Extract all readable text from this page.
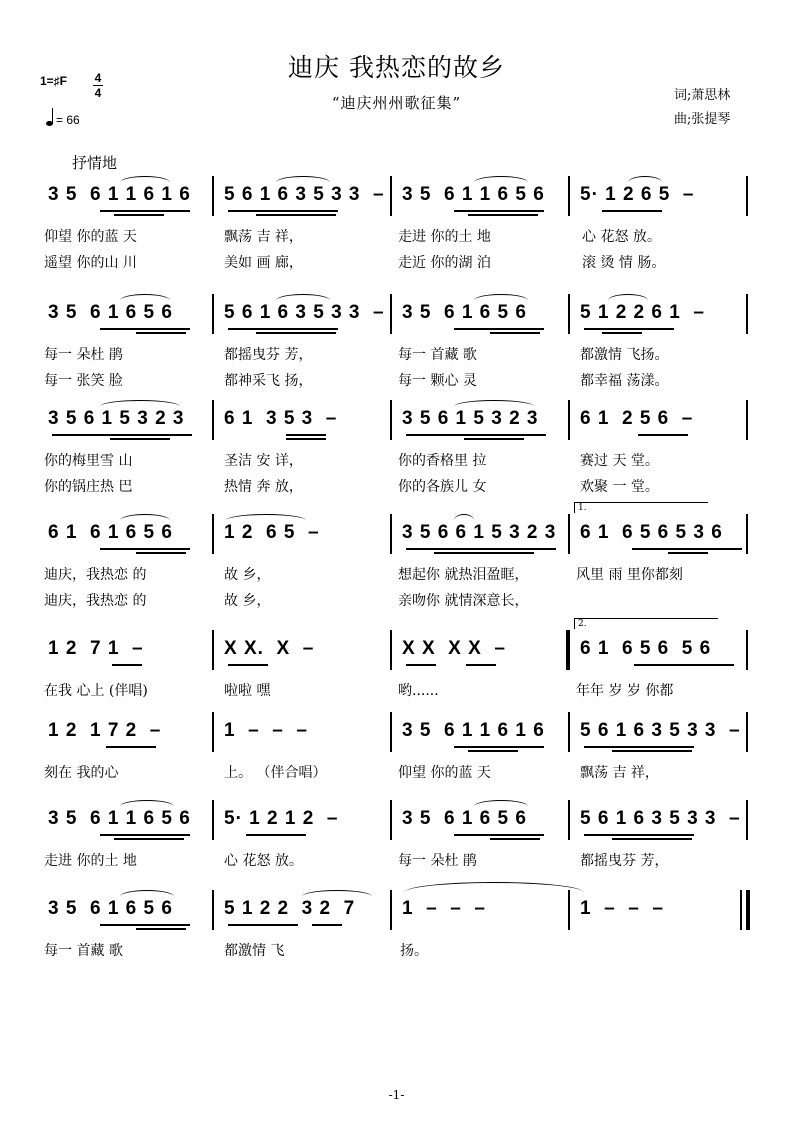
迪庆 我热恋的故乡
“迪庆州州歌征集”	词;萧思林
曲;张提琴
1=♯F 4
4
= 66
抒情地
3 5  6 1 1 6 1 6
仰望 你的蓝 天
遥望 你的山 川
5 6 1 6 3 5 3 3  –
飘荡 吉 祥，
美如 画 廊，
3 5  6 1 1 6 5 6
走进 你的土 地
走近 你的湖 泊
5· 1 2 6 5  –
心 花怒 放。
滚 烫 情 肠。
3 5  6 1 6 5 6
每一 朵杜 鹃
每一 张笑 脸
5 6 1 6 3 5 3 3  –
都摇曳芬 芳，
都神采飞 扬，
3 5  6 1 6 5 6
每一 首藏 歌
每一 颗心 灵
5 1 2 2 6 1  –
都激情 飞扬。
都幸福 荡漾。
3 5 6 1 5 3 2 3
你的梅里雪 山
你的锅庄热 巴
6 1  3 5 3  –
圣洁 安 详，
热情 奔 放，
3 5 6 1 5 3 2 3
你的香格里 拉
你的各族儿 女
6 1  2 5 6  –
赛过 天 堂。
欢聚 一 堂。
6 1  6 1 6 5 6
迪庆，我热恋 的
迪庆，我热恋 的
1 2  6 5  –
故 乡，
故 乡，
3 5 6 6 1 5 3 2 3
想起你 就热泪盈眶，
亲吻你 就情深意长，
1.
6 1  6 5 6 5 3 6
风里 雨 里你都刻
1 2  7 1  –
在我 心上 (伴唱)
X X.  X  –
啦啦 嘿
X X  X X  –
哟......
2.
6 1  6 5 6  5 6
年年 岁 岁 你都
1 2  1 7 2  –
刻在 我的心
1  –  –  –
上。 （伴合唱）
3 5  6 1 1 6 1 6
仰望 你的蓝 天
5 6 1 6 3 5 3 3  –
飘荡 吉 祥，
3 5  6 1 1 6 5 6
走进 你的土 地
5· 1 2 1 2  –
心 花怒 放。
3 5  6 1 6 5 6
每一 朵杜 鹃
5 6 1 6 3 5 3 3  –
都摇曳芬 芳，
3 5  6 1 6 5 6
每一 首藏 歌
5 1 2 2  3 2  7
都激情 飞
1  –  –  –
扬。
1  –  –  –
-1-
